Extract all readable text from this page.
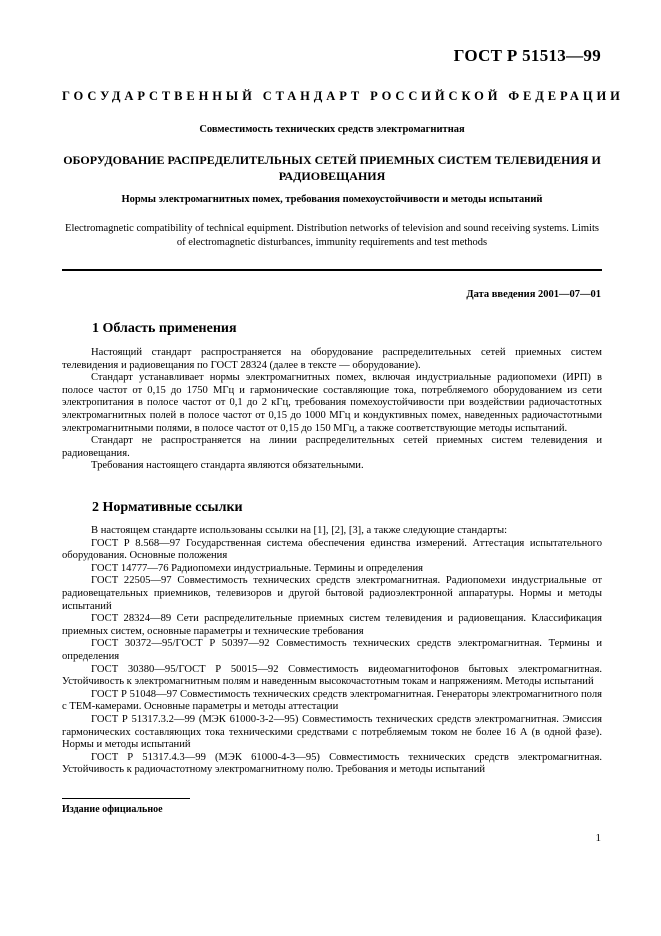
ГОСТ Р 51513—99
ГОСУДАРСТВЕННЫЙ СТАНДАРТ РОССИЙСКОЙ ФЕДЕРАЦИИ
Совместимость технических средств электромагнитная
ОБОРУДОВАНИЕ РАСПРЕДЕЛИТЕЛЬНЫХ СЕТЕЙ ПРИЕМНЫХ СИСТЕМ ТЕЛЕВИДЕНИЯ И РАДИОВЕЩАНИЯ
Нормы электромагнитных помех, требования помехоустойчивости и методы испытаний
Electromagnetic compatibility of technical equipment. Distribution networks of television and sound receiving systems. Limits of electromagnetic disturbances, immunity requirements and test methods
Дата введения 2001—07—01
1 Область применения

Настоящий стандарт распространяется на оборудование распределительных сетей приемных систем телевидения и радиовещания по ГОСТ 28324 (далее в тексте — оборудование).

Стандарт устанавливает нормы электромагнитных помех, включая индустриальные радиопомехи (ИРП) в полосе частот от 0,15 до 1750 МГц и гармонические составляющие тока, потребляемого оборудованием из сети электропитания в полосе частот от 0,1 до 2 кГц, требования помехоустойчивости при воздействии радиочастотных электромагнитных полей в полосе частот от 0,15 до 1000 МГц и кондуктивных помех, наведенных радиочастотными электромагнитными полями, в полосе частот от 0,15 до 150 МГц, а также соответствующие методы испытаний.

Стандарт не распространяется на линии распределительных сетей приемных систем телевидения и радиовещания.

Требования настоящего стандарта являются обязательными.

2 Нормативные ссылки

В настоящем стандарте использованы ссылки на [1], [2], [3], а также следующие стандарты:

ГОСТ Р 8.568—97 Государственная система обеспечения единства измерений. Аттестация испытательного оборудования. Основные положения

ГОСТ 14777—76 Радиопомехи индустриальные. Термины и определения

ГОСТ 22505—97 Совместимость технических средств электромагнитная. Радиопомехи индустриальные от радиовещательных приемников, телевизоров и другой бытовой радиоэлектронной аппаратуры. Нормы и методы испытаний

ГОСТ 28324—89 Сети распределительные приемных систем телевидения и радиовещания. Классификация приемных систем, основные параметры и технические требования

ГОСТ 30372—95/ГОСТ Р 50397—92 Совместимость технических средств электромагнитная. Термины и определения

ГОСТ 30380—95/ГОСТ Р 50015—92 Совместимость видеомагнитофонов бытовых электромагнитная. Устойчивость к электромагнитным полям и наведенным высокочастотным токам и напряжениям. Методы испытаний

ГОСТ Р 51048—97 Совместимость технических средств электромагнитная. Генераторы электромагнитного поля с ТЕМ-камерами. Основные параметры и методы аттестации

ГОСТ Р 51317.3.2—99 (МЭК 61000-3-2—95) Совместимость технических средств электромагнитная. Эмиссия гармонических составляющих тока техническими средствами с потребляемым током не более 16 А (в одной фазе). Нормы и методы испытаний

ГОСТ Р 51317.4.3—99 (МЭК 61000-4-3—95) Совместимость технических средств электромагнитная. Устойчивость к радиочастотному электромагнитному полю. Требования и методы испытаний

Издание официальное
1
